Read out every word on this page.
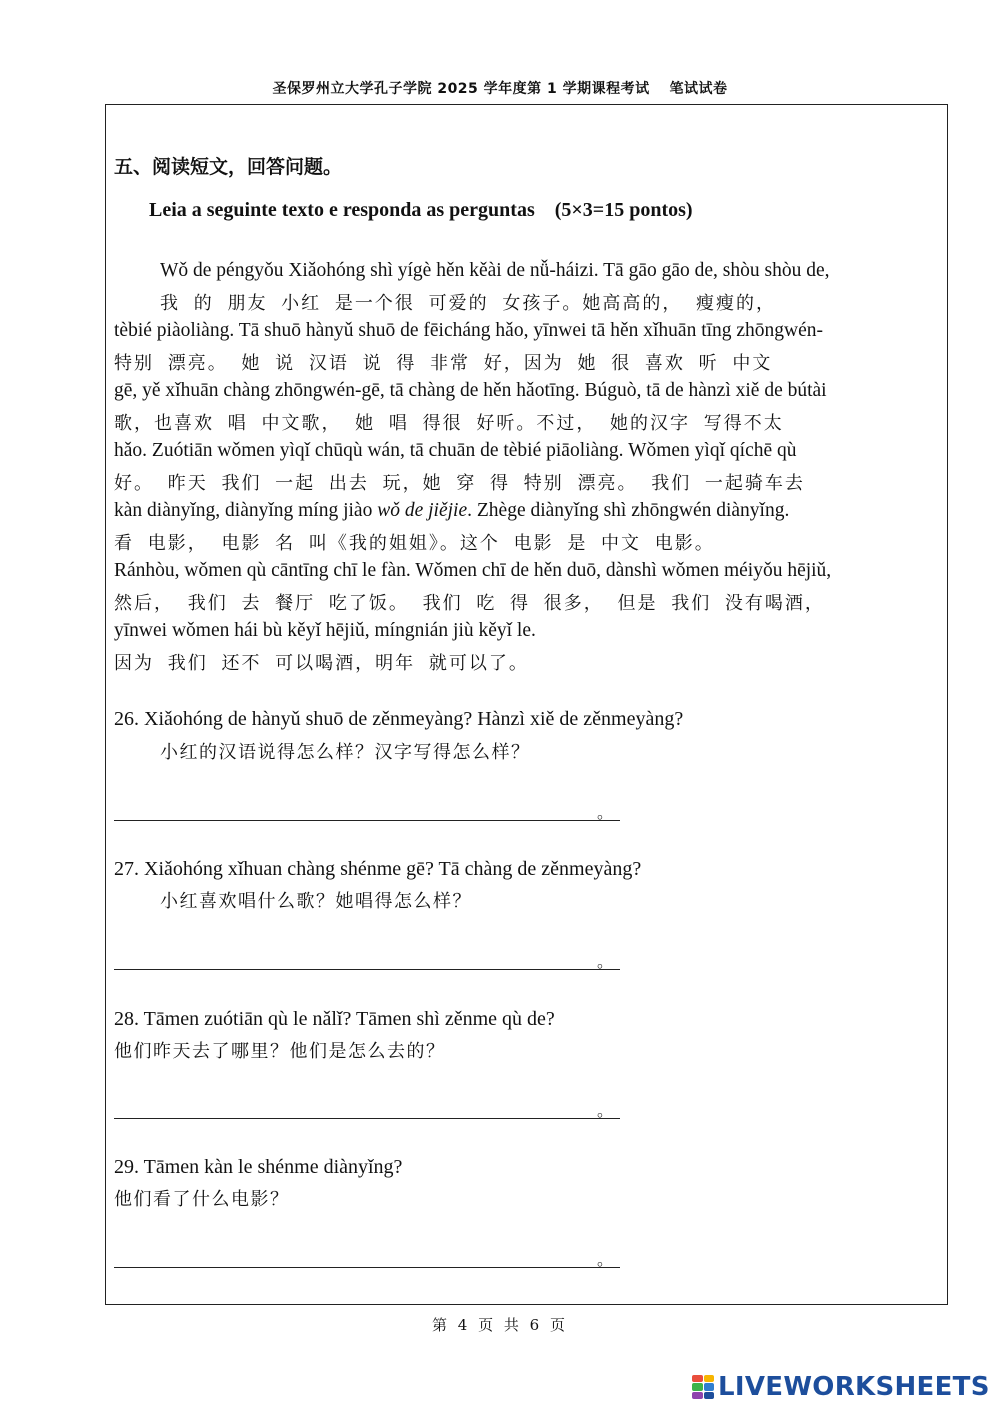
圣保罗州立大学孔子学院 2025 学年度第 1 学期课程考试　 笔试试卷
五、阅读短文，回答问题。
Leia a seguinte texto e responda as perguntas　(5×3=15 pontos)
Wǒ de péngyǒu Xiǎohóng shì yígè hěn kěài de nǚ-háizi. Tā gāo gāo de, shòu shòu de,
我 的 朋友 小红 是一个很 可爱的 女孩子。她高高的， 瘦瘦的，
tèbié piàoliàng. Tā shuō hànyǔ shuō de fēicháng hǎo, yīnwei tā hěn xǐhuān tīng zhōngwén-
特别 漂亮。 她 说 汉语 说 得 非常 好，因为 她 很 喜欢 听 中文
gē, yě xǐhuān chàng zhōngwén-gē, tā chàng de hěn hǎotīng. Búguò, tā de hànzì xiě de bútài
歌，也喜欢 唱 中文歌， 她 唱 得很 好听。不过， 她的汉字 写得不太
hǎo. Zuótiān wǒmen yìqǐ chūqù wán, tā chuān de tèbié piāoliàng. Wǒmen yìqǐ qíchē qù
好。 昨天 我们 一起 出去 玩，她 穿 得 特别 漂亮。 我们 一起骑车去
kàn diànyǐng, diànyǐng míng jiào wǒ de jiějie. Zhège diànyǐng shì zhōngwén diànyǐng.
看 电影， 电影 名 叫《我的姐姐》。这个 电影 是 中文 电影。
Ránhòu, wǒmen qù cāntīng chī le fàn. Wǒmen chī de hěn duō, dànshì wǒmen méiyǒu hējiǔ,
然后， 我们 去 餐厅 吃了饭。 我们 吃 得 很多， 但是 我们 没有喝酒，
yīnwei wǒmen hái bù kěyǐ hējiǔ, míngnián jiù kěyǐ le.
因为 我们 还不 可以喝酒，明年 就可以了。
26. Xiǎohóng de hànyǔ shuō de zěnmeyàng? Hànzì xiě de zěnmeyàng?
小红的汉语说得怎么样？汉字写得怎么样？
。
27. Xiǎohóng xǐhuan chàng shénme gē? Tā chàng de zěnmeyàng?
小红喜欢唱什么歌？她唱得怎么样？
。
28. Tāmen zuótiān qù le nǎlǐ? Tāmen shì zěnme qù de?
他们昨天去了哪里？他们是怎么去的？
。
29. Tāmen kàn le shénme diànyǐng?
他们看了什么电影？
。
第 4 页 共 6 页
LIVEWORKSHEETS
